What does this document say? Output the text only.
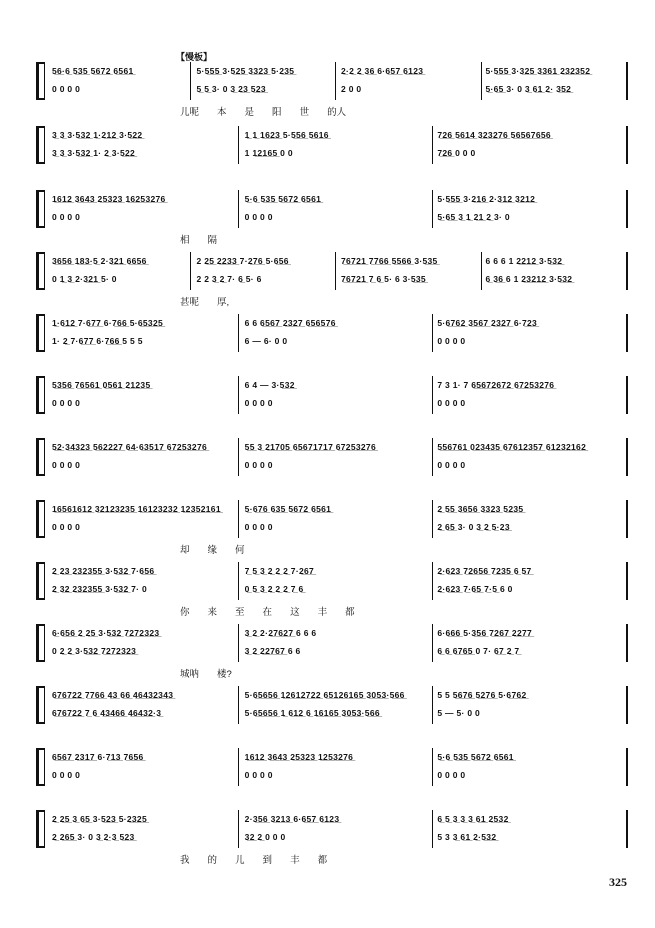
【慢板】
5̲6̲·6̲ 5̲3̲5̲ 5̲6̲7̲2̲ 6̲5̲6̲1̲	5·5̲5̲5̲ 3·5̲2̲5̲ 3̲3̲2̲3̲ 5·2̲3̲5̲	2̲·2̲ 2̲ 3̲6̲ 6·6̲5̲7̲ 6̲1̲2̲3̲	5·5̲5̲5̲ 3·3̲2̲5̲ 3̲3̲6̲1̲ 2̲3̲2̲3̲5̲2̲
0 0 0 0	5̲ 5̲ 3· 0 3̲ 2̲3̲ 5̲2̲3̲	2 0 0	5̲·6̲5̲ 3· 0 3̲ 6̲1̲ 2̲· 3̲5̲2̲
儿呢 本 是 阳 世 的人
3̲ 3̲ 3·5̲3̲2̲ 1̲·2̲1̲2̲ 3·5̲2̲2̲	1̲ 1̲ 1̲6̲2̲3̲ 5·5̲5̲6̲ 5̲6̲1̲6̲	7̲2̲6̲ 5̲6̲1̲4̲ 3̲2̲3̲2̲7̲6̲ 5̲6̲5̲6̲7̲6̲5̲6̲
3̲ 3̲ 3·5̲3̲2̲ 1· 2̲ 3·5̲2̲2̲	1 1̲2̲1̲6̲5̲ 0 0	7̲2̲6̲ 0 0 0
1̲6̲1̲2̲ 3̲6̲4̲3̲ 2̲5̲3̲2̲3̲ 1̲6̲2̲5̲3̲2̲7̲6̲	5̲·6̲ 5̲3̲5̲ 5̲6̲7̲2̲ 6̲5̲6̲1̲	5·5̲5̲5̲ 3·2̲1̲6̲ 2·3̲1̲2̲ 3̲2̲1̲2̲
0 0 0 0	0 0 0 0	5̲·6̲5̲ 3̲ 1̲ 2̲1̲ 2̲ 3· 0
相 隔
3̲6̲5̲6̲ 1̲8̲3̲·5̲ 2·3̲2̲1̲ 6̲6̲5̲6̲	2 2̲5̲ 2̲2̲3̲3̲ 7·2̲7̲6̲ 5·6̲5̲6̲	7̲6̲7̲2̲1̲ 7̲7̲6̲6̲ 5̲5̲6̲6̲ 3·5̲3̲5̲	6 6 6 1 2̲2̲1̲2̲ 3·5̲3̲2̲
0 1̲ 3̲ 2·3̲2̲1̲ 5· 0	2 2 3̲ 2̲ 7· 6̲ 5· 6	7̲6̲7̲2̲1̲ 7̲ 6̲ 5· 6 3·5̲3̲5̲	6̲ 3̲6̲ 6 1 2̲3̲2̲1̲2̲ 3·5̲3̲2̲
甚呢 厚,
1̲·6̲1̲2̲ 7·6̲7̲7̲ 6·7̲6̲6̲ 5·6̲5̲3̲2̲5̲	6 6 6̲5̲6̲7̲ 2̲3̲2̲7̲ 6̲5̲6̲5̲7̲6̲	5·6̲7̲6̲2̲ 3̲5̲6̲7̲ 2̲3̲2̲7̲ 6·7̲2̲3̲
1· 2̲ 7·6̲7̲7̲ 6·7̲6̲6̲ 5 5 5	6 — 6· 0 0	0 0 0 0
5̲3̲5̲6̲ 7̲6̲5̲6̲1̲ 0̲5̲6̲1̲ 2̲1̲2̲3̲5̲	6 4 — 3·5̲3̲2̲	7 3 1· 7 6̲5̲6̲7̲2̲6̲7̲2̲ 6̲7̲2̲5̲3̲2̲7̲6̲
0 0 0 0	0 0 0 0	0 0 0 0
5̲2̲·3̲4̲3̲2̲3̲ 5̲6̲2̲2̲2̲7̲ 6̲4̲·6̲3̲5̲1̲7̲ 6̲7̲2̲5̲3̲2̲7̲6̲	5̲5̲ 3̲ 2̲1̲7̲0̲5̲ 6̲5̲6̲7̲1̲7̲1̲7̲ 6̲7̲2̲5̲3̲2̲7̲6̲	5̲5̲6̲7̲6̲1̲ 0̲2̲3̲4̲3̲5̲ 6̲7̲6̲1̲2̲3̲5̲7̲ 6̲1̲2̲3̲2̲1̲6̲2̲
0 0 0 0	0 0 0 0	0 0 0 0
1̲6̲5̲6̲1̲6̲1̲2̲ 3̲2̲1̲2̲3̲2̲3̲5̲ 1̲6̲1̲2̲3̲2̲3̲2̲ 1̲2̲3̲5̲2̲1̲6̲1̲	5̲·6̲7̲6̲ 6̲3̲5̲ 5̲6̲7̲2̲ 6̲5̲6̲1̲	2̲ 5̲5̲ 3̲6̲5̲6̲ 3̲3̲2̲3̲ 5̲2̲3̲5̲
0 0 0 0	0 0 0 0	2̲ 6̲5̲ 3· 0 3̲ 2̲ 5̲·2̲3̲
却 缘 何
2̲ 2̲3̲ 2̲3̲2̲3̲5̲5̲ 3·5̲3̲2̲ 7·6̲5̲6̲	7̲ 5̲ 3̲ 2̲ 2̲ 2̲ 7·2̲6̲7̲	2̲·6̲2̲3̲ 7̲2̲6̲5̲6̲ 7̲2̲3̲5̲ 6̲ 5̲7̲
2̲ 3̲2̲ 2̲3̲2̲3̲5̲5̲ 3·5̲3̲2̲ 7· 0	0̲ 5̲ 3̲ 2̲ 2̲ 2̲ 7̲ 6̲	2̲·6̲2̲3̲ 7̲·6̲5̲ 7̲·5̲ 6 0
你 来 至 在 这 丰 都
6̲·6̲5̲6̲ 2̲ 2̲5̲ 3·5̲3̲2̲ 7̲2̲7̲2̲3̲2̲3̲	3̲ 2̲ 2·2̲7̲6̲2̲7̲ 6 6 6	6·6̲6̲6̲ 5·3̲5̲6̲ 7̲2̲6̲7̲ 2̲2̲7̲7̲
0 2̲ 2̲ 3·5̲3̲2̲ 7̲2̲7̲2̲3̲2̲3̲	3̲ 2̲ 2̲2̲7̲6̲7̲ 6 6	6̲ 6̲ 6̲7̲6̲5̲ 0 7· 6̲7̲ 2̲ 7̲
城呐 楼?
6̲7̲6̲7̲2̲2̲ 7̲7̲6̲6̲ 4̲3̲ 6̲6̲ 4̲6̲4̲3̲2̲3̲4̲3̲	5·6̲5̲6̲5̲6̲ 1̲2̲6̲1̲2̲7̲2̲2̲ 6̲5̲1̲2̲6̲1̲6̲5̲ 3̲0̲5̲3̲·5̲6̲6̲	5 5 5̲6̲7̲6̲ 5̲2̲7̲6̲ 5·6̲7̲6̲2̲
6̲7̲6̲7̲2̲2̲ 7̲ 6̲ 4̲3̲4̲6̲6̲ 4̲6̲4̲3̲2̲·3̲	5·6̲5̲6̲5̲6̲ 1̲ 6̲1̲2̲ 6̲ 1̲6̲1̲6̲5̲ 3̲0̲5̲3̲·5̲6̲6̲	5 — 5· 0 0
6̲5̲6̲7̲ 2̲3̲1̲7̲ 6·7̲1̲3̲ 7̲6̲5̲6̲	1̲6̲1̲2̲ 3̲6̲4̲3̲ 2̲5̲3̲2̲3̲ 1̲2̲5̲3̲2̲7̲6̲	5̲·6̲ 5̲3̲5̲ 5̲6̲7̲2̲ 6̲5̲6̲1̲
0 0 0 0	0 0 0 0	0 0 0 0
2̲ 2̲5̲ 3̲ 6̲5̲ 3·5̲2̲3̲ 5·2̲3̲2̲5̲	2·3̲5̲6̲ 3̲2̲1̲3̲ 6·6̲5̲7̲ 6̲1̲2̲3̲	6̲ 5̲ 3̲ 3̲ 3̲ 6̲1̲ 2̲5̲3̲2̲
2̲ 2̲6̲5̲ 3· 0 3̲ 2̲·3̲ 5̲2̲3̲	3̲2̲ 2̲ 0 0 0	5 3 3̲ 6̲1̲ 2̲·5̲3̲2̲
我 的 儿 到 丰 都
325
